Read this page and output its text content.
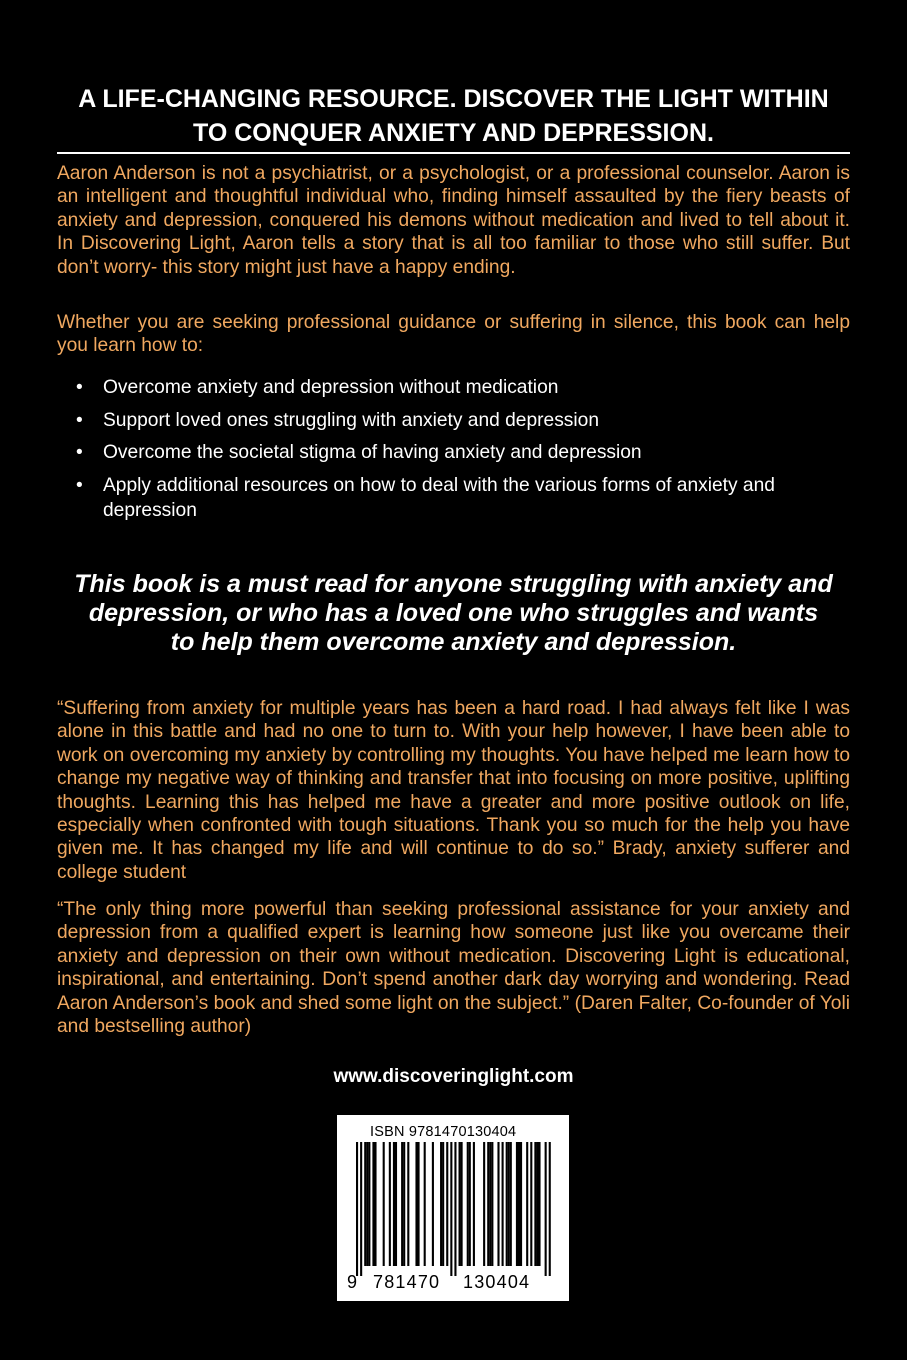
A LIFE-CHANGING RESOURCE. DISCOVER THE LIGHT WITHIN
TO CONQUER ANXIETY AND DEPRESSION.
Aaron Anderson is not a psychiatrist, or a psychologist, or a professional counselor. Aaron is an intelligent and thoughtful individual who, finding himself assaulted by the fiery beasts of anxiety and depression, conquered his demons without medication and lived to tell about it. In Discovering Light, Aaron tells a story that is all too familiar to those who still suffer. But don’t worry- this story might just have a happy ending.
Whether you are seeking professional guidance or suffering in silence, this book can help you learn how to:
• Overcome anxiety and depression without medication
• Support loved ones struggling with anxiety and depression
• Overcome the societal stigma of having anxiety and depression
• Apply additional resources on how to deal with the various forms of anxiety and depression
This book is a must read for anyone struggling with anxiety and
depression, or who has a loved one who struggles and wants
to help them overcome anxiety and depression.
“Suffering from anxiety for multiple years has been a hard road. I had always felt like I was alone in this battle and had no one to turn to. With your help however, I have been able to work on overcoming my anxiety by controlling my thoughts. You have helped me learn how to change my negative way of thinking and transfer that into focusing on more positive, uplifting thoughts. Learning this has helped me have a greater and more positive outlook on life, especially when confronted with tough situations. Thank you so much for the help you have given me. It has changed my life and will continue to do so.” Brady, anxiety sufferer and college student
“The only thing more powerful than seeking professional assistance for your anxiety and depression from a qualified expert is learning how someone just like you overcame their anxiety and depression on their own without medication. Discovering Light is educational, inspirational, and entertaining. Don’t spend another dark day worrying and wondering. Read Aaron Anderson’s book and shed some light on the subject.” (Daren Falter, Co-founder of Yoli and bestselling author)
www.discoveringlight.com
ISBN 9781470130404
9 781470 130404
